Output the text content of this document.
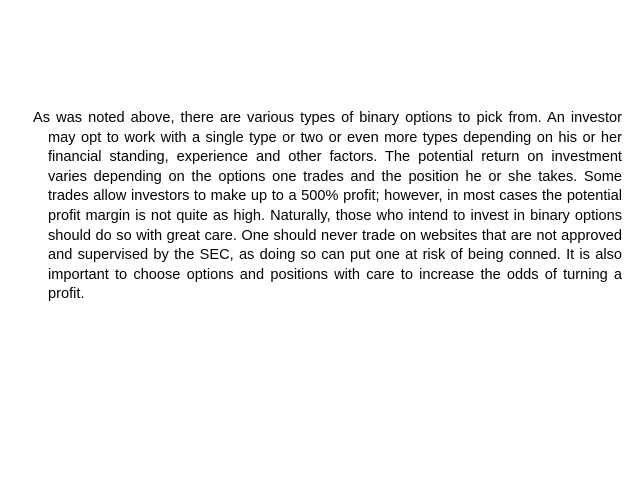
As was noted above, there are various types of binary options to pick from. An investor may opt to work with a single type or two or even more types depending on his or her financial standing, experience and other factors. The potential return on investment varies depending on the options one trades and the position he or she takes. Some trades allow investors to make up to a 500% profit; however, in most cases the potential profit margin is not quite as high. Naturally, those who intend to invest in binary options should do so with great care. One should never trade on websites that are not approved and supervised by the SEC, as doing so can put one at risk of being conned. It is also important to choose options and positions with care to increase the odds of turning a profit.
